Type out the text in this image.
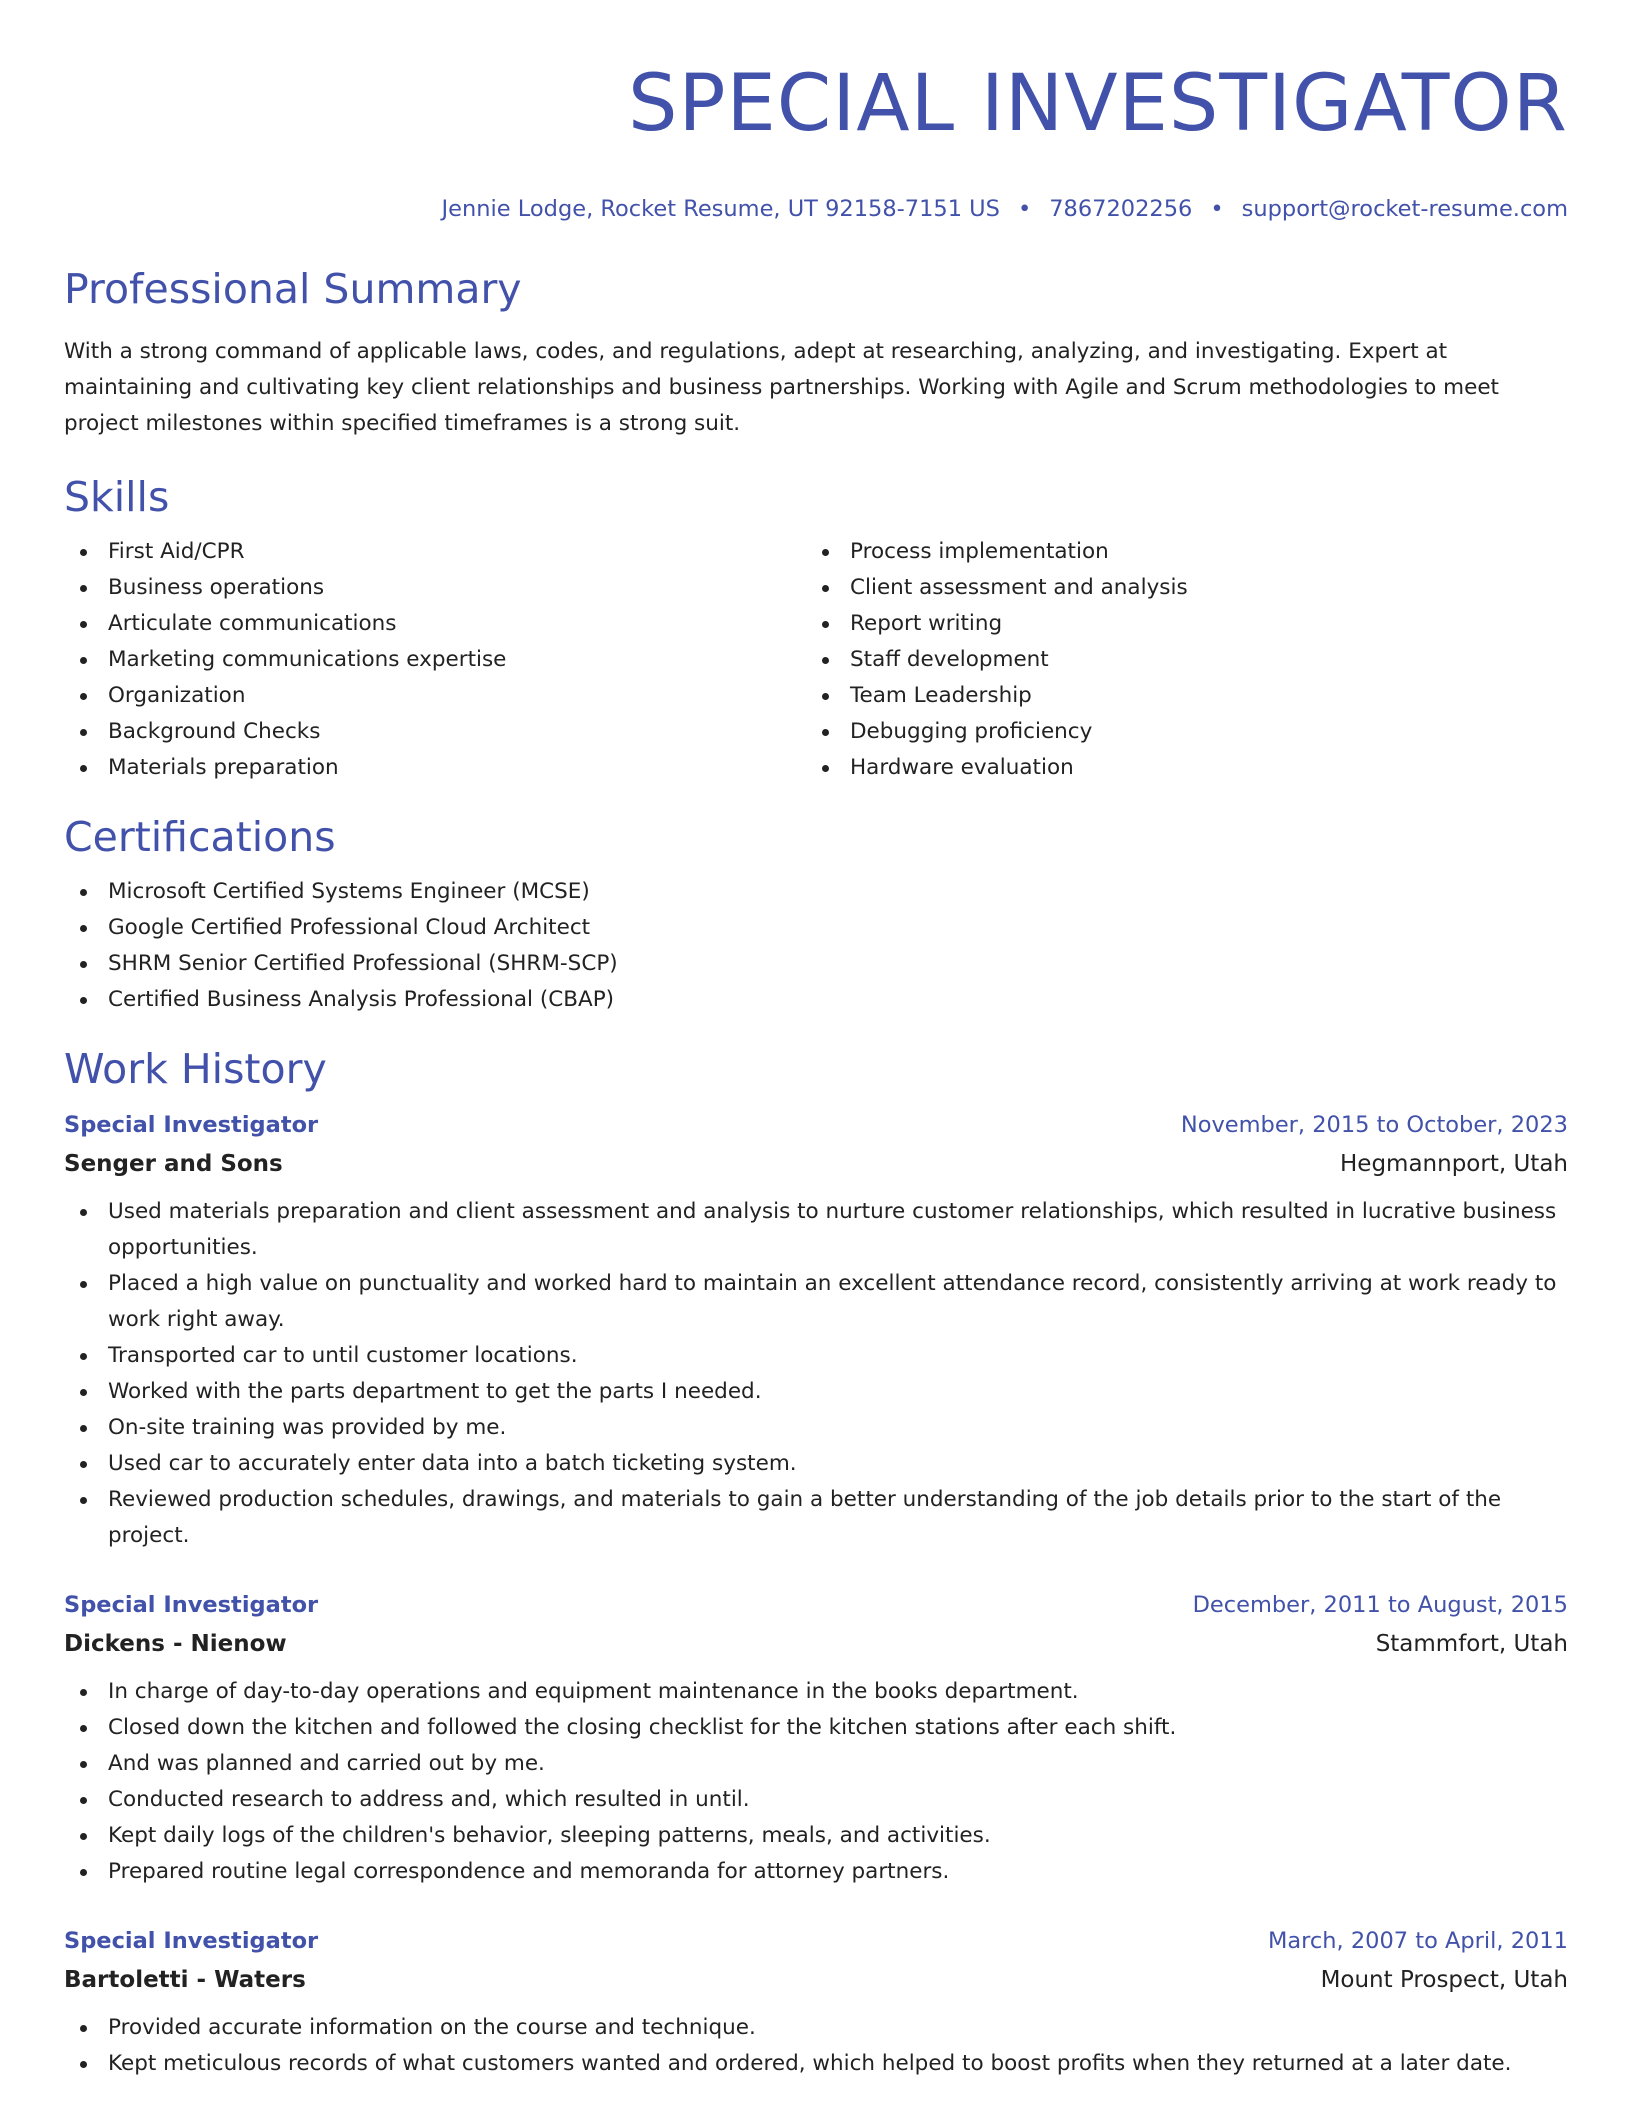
SPECIAL INVESTIGATOR
Jennie Lodge, Rocket Resume, UT 92158-7151 US • 7867202256 • support@rocket-resume.com
Professional Summary

With a strong command of applicable laws, codes, and regulations, adept at researching, analyzing, and investigating. Expert at maintaining and cultivating key client relationships and business partnerships. Working with Agile and Scrum methodologies to meet project milestones within specified timeframes is a strong suit.

Skills
First Aid/CPR
Business operations
Articulate communications
Marketing communications expertise
Organization
Background Checks
Materials preparation
Process implementation
Client assessment and analysis
Report writing
Staff development
Team Leadership
Debugging proficiency
Hardware evaluation
Certifications
Microsoft Certified Systems Engineer (MCSE)
Google Certified Professional Cloud Architect
SHRM Senior Certified Professional (SHRM-SCP)
Certified Business Analysis Professional (CBAP)
Work History
Special Investigator	November, 2015 to October, 2023
Senger and Sons	Hegmannport, Utah
Used materials preparation and client assessment and analysis to nurture customer relationships, which resulted in lucrative business opportunities.
Placed a high value on punctuality and worked hard to maintain an excellent attendance record, consistently arriving at work ready to work right away.
Transported car to until customer locations.
Worked with the parts department to get the parts I needed.
On-site training was provided by me.
Used car to accurately enter data into a batch ticketing system.
Reviewed production schedules, drawings, and materials to gain a better understanding of the job details prior to the start of the project.
Special Investigator	December, 2011 to August, 2015
Dickens - Nienow	Stammfort, Utah
In charge of day-to-day operations and equipment maintenance in the books department.
Closed down the kitchen and followed the closing checklist for the kitchen stations after each shift.
And was planned and carried out by me.
Conducted research to address and, which resulted in until.
Kept daily logs of the children's behavior, sleeping patterns, meals, and activities.
Prepared routine legal correspondence and memoranda for attorney partners.
Special Investigator	March, 2007 to April, 2011
Bartoletti - Waters	Mount Prospect, Utah
Provided accurate information on the course and technique.
Kept meticulous records of what customers wanted and ordered, which helped to boost profits when they returned at a later date.
